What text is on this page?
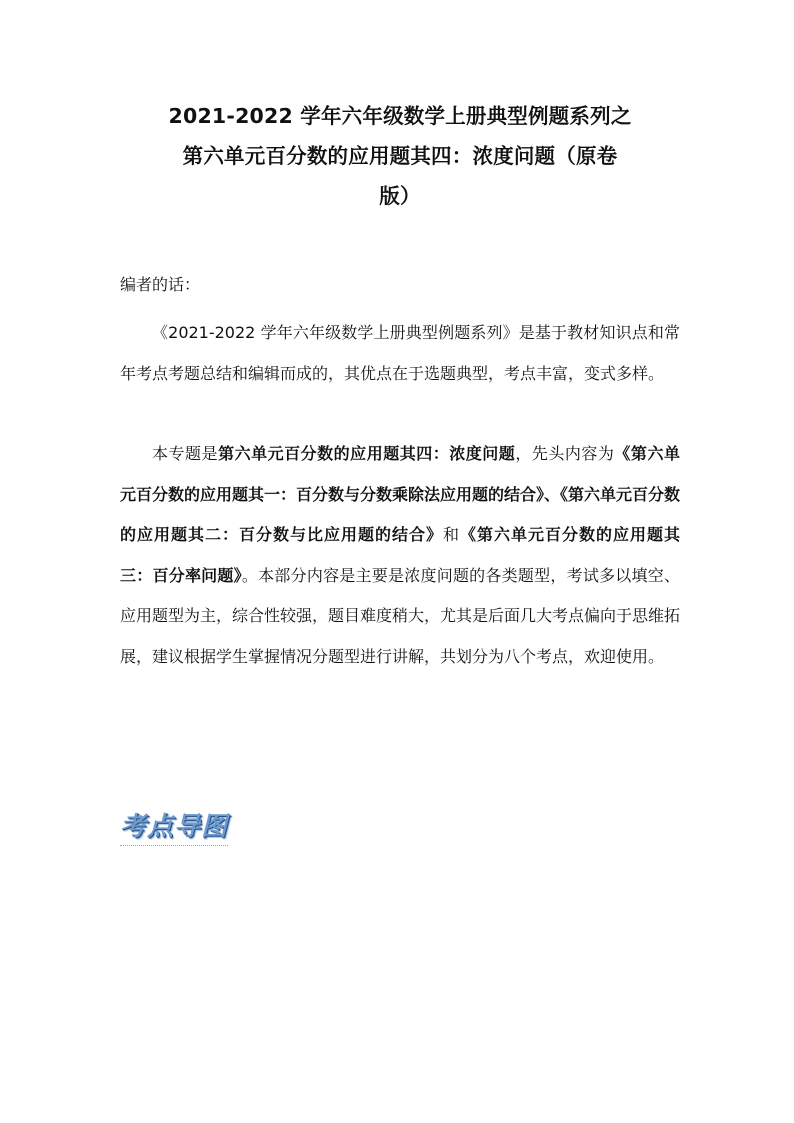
2021-2022 学年六年级数学上册典型例题系列之
第六单元百分数的应用题其四：浓度问题（原卷
版）
编者的话：

《2021-2022 学年六年级数学上册典型例题系列》是基于教材知识点和常年考点考题总结和编辑而成的，其优点在于选题典型，考点丰富，变式多样。

本专题是第六单元百分数的应用题其四：浓度问题，先头内容为《第六单元百分数的应用题其一：百分数与分数乘除法应用题的结合》、《第六单元百分数的应用题其二：百分数与比应用题的结合》和《第六单元百分数的应用题其三：百分率问题》。本部分内容是主要是浓度问题的各类题型，考试多以填空、应用题型为主，综合性较强，题目难度稍大，尤其是后面几大考点偏向于思维拓展，建议根据学生掌握情况分题型进行讲解，共划分为八个考点，欢迎使用。

考点导图
